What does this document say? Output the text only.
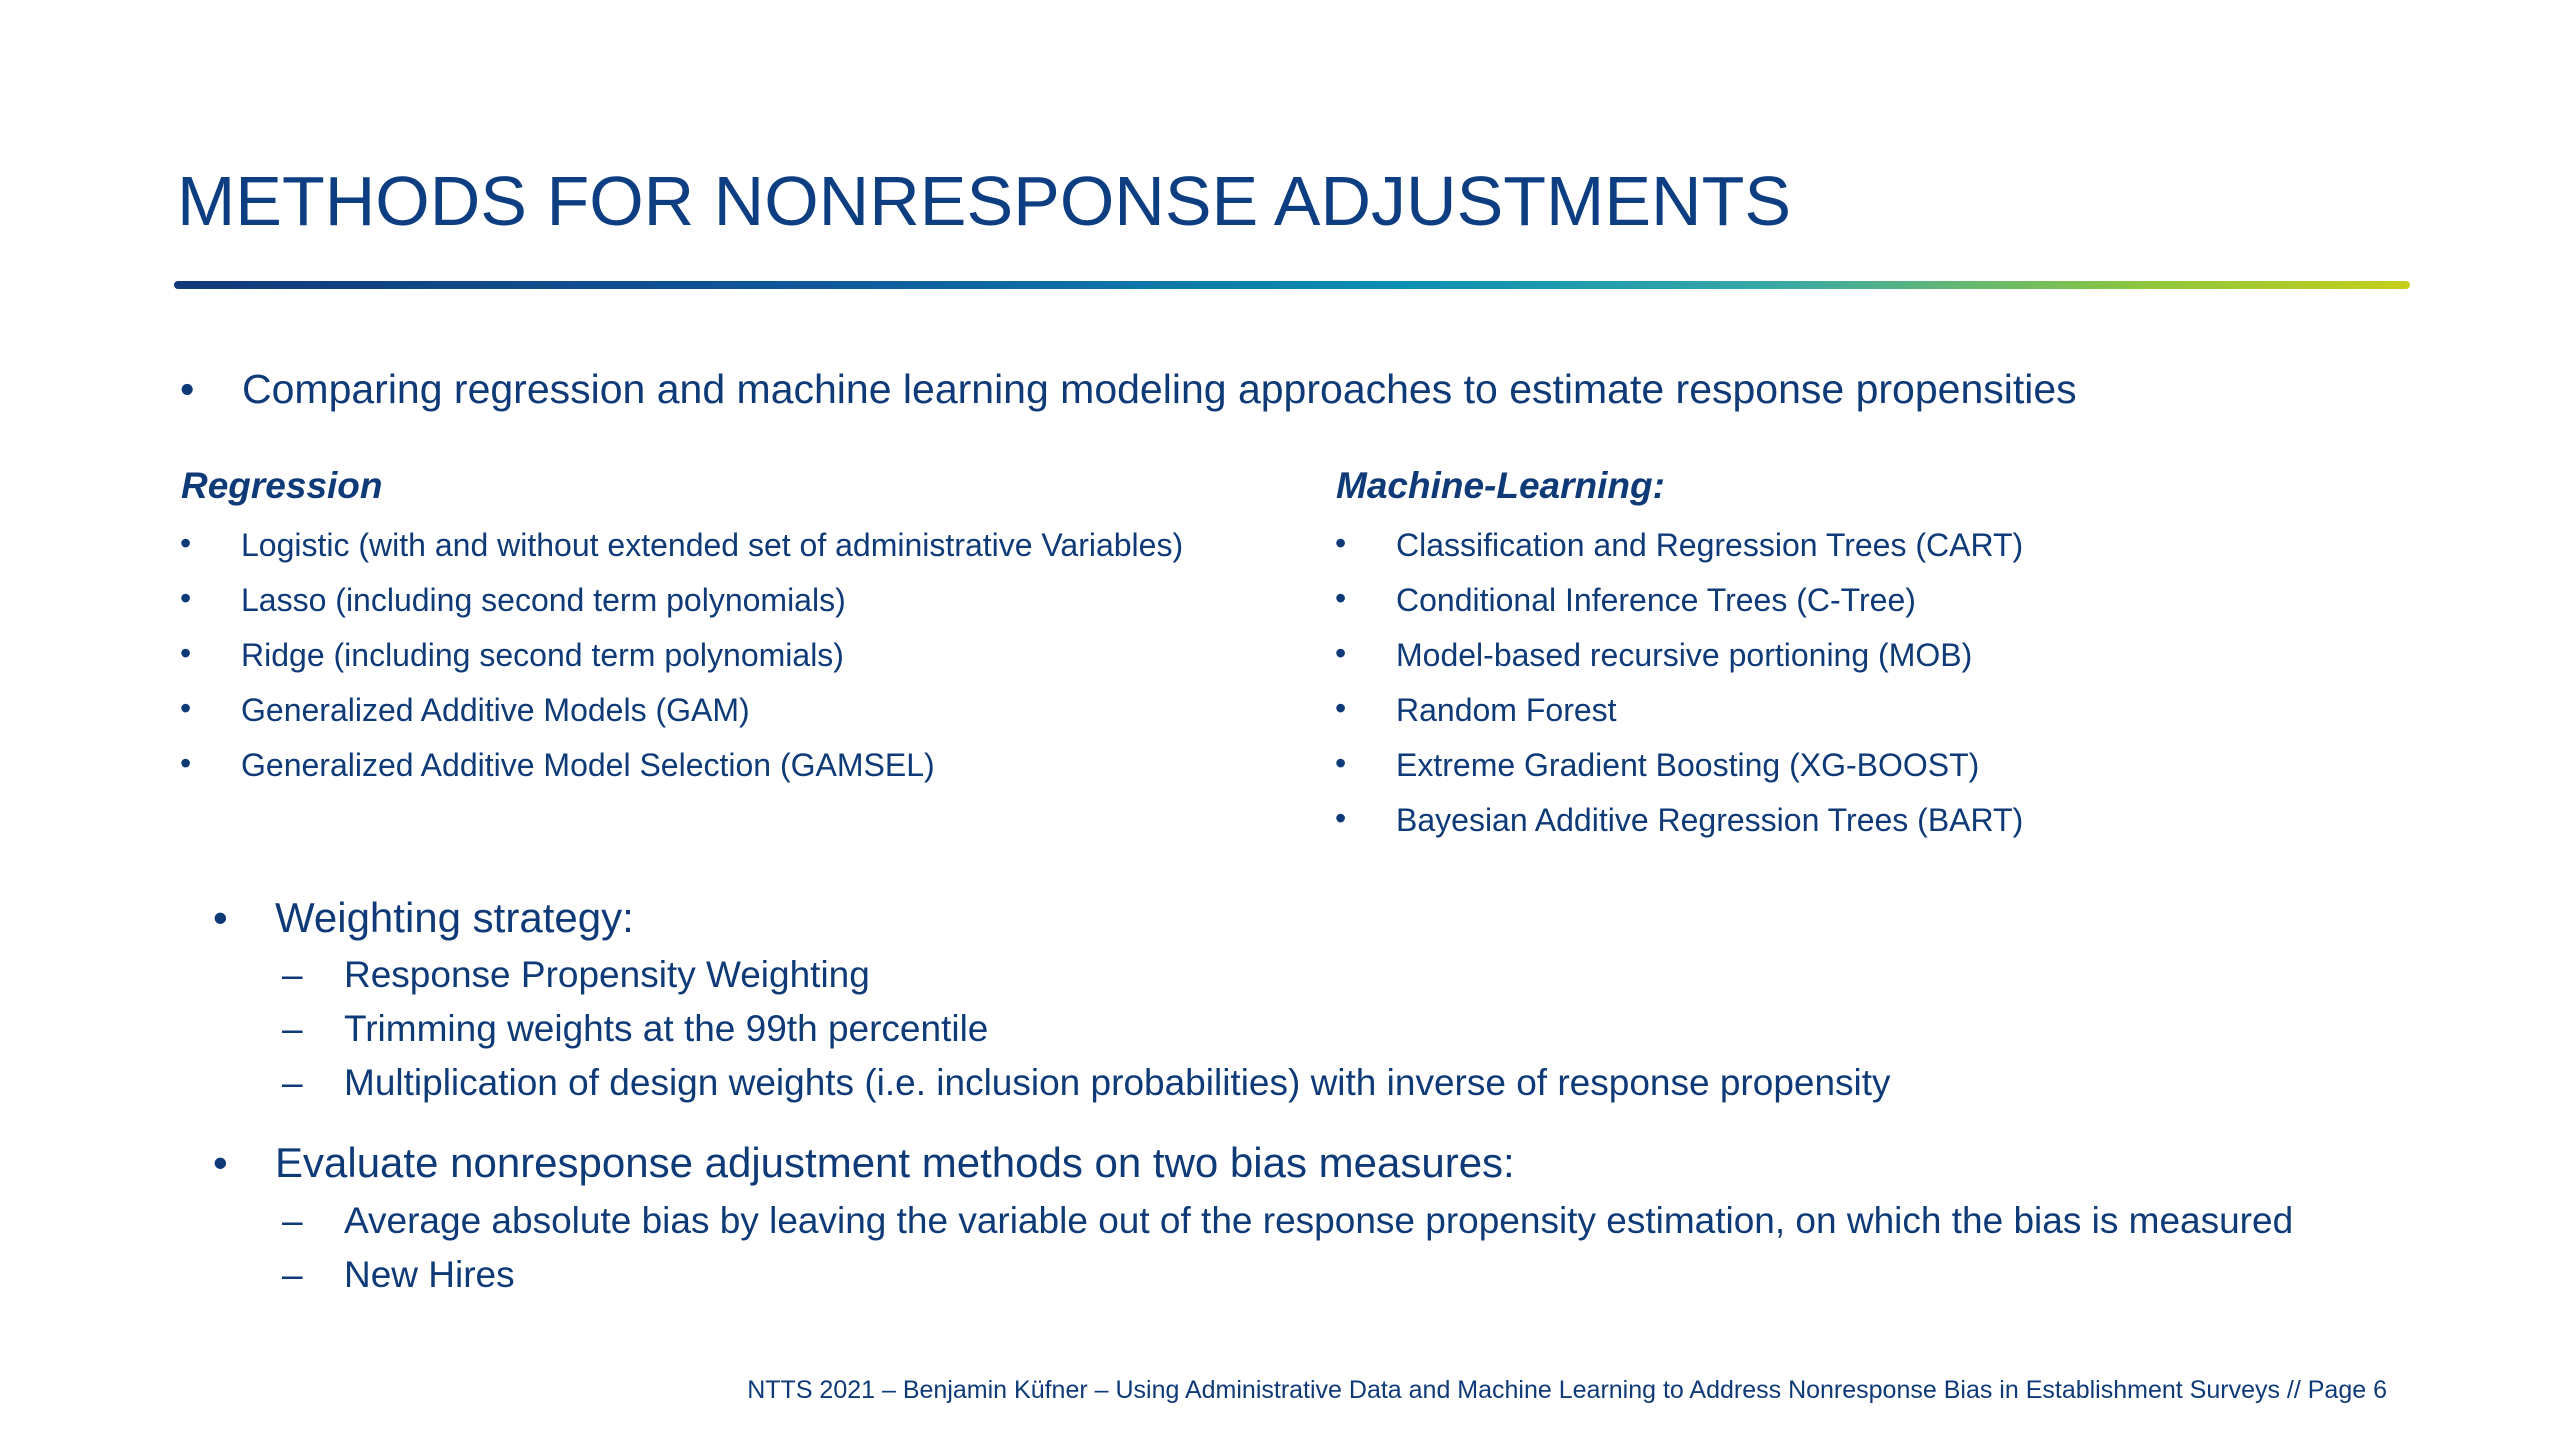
METHODS FOR NONRESPONSE ADJUSTMENTS
• Comparing regression and machine learning modeling approaches to estimate response propensities
Regression
• Logistic (with and without extended set of administrative Variables)
• Lasso (including second term polynomials)
• Ridge (including second term polynomials)
• Generalized Additive Models (GAM)
• Generalized Additive Model Selection (GAMSEL)
Machine-Learning:
• Classification and Regression Trees (CART)
• Conditional Inference Trees (C-Tree)
• Model-based recursive portioning (MOB)
• Random Forest
• Extreme Gradient Boosting (XG-BOOST)
• Bayesian Additive Regression Trees (BART)
• Weighting strategy:
– Response Propensity Weighting
– Trimming weights at the 99th percentile
– Multiplication of design weights (i.e. inclusion probabilities) with inverse of response propensity
• Evaluate nonresponse adjustment methods on two bias measures:
– Average absolute bias by leaving the variable out of the response propensity estimation, on which the bias is measured
– New Hires
NTTS 2021 – Benjamin Küfner – Using Administrative Data and Machine Learning to Address Nonresponse Bias in Establishment Surveys // Page 6
